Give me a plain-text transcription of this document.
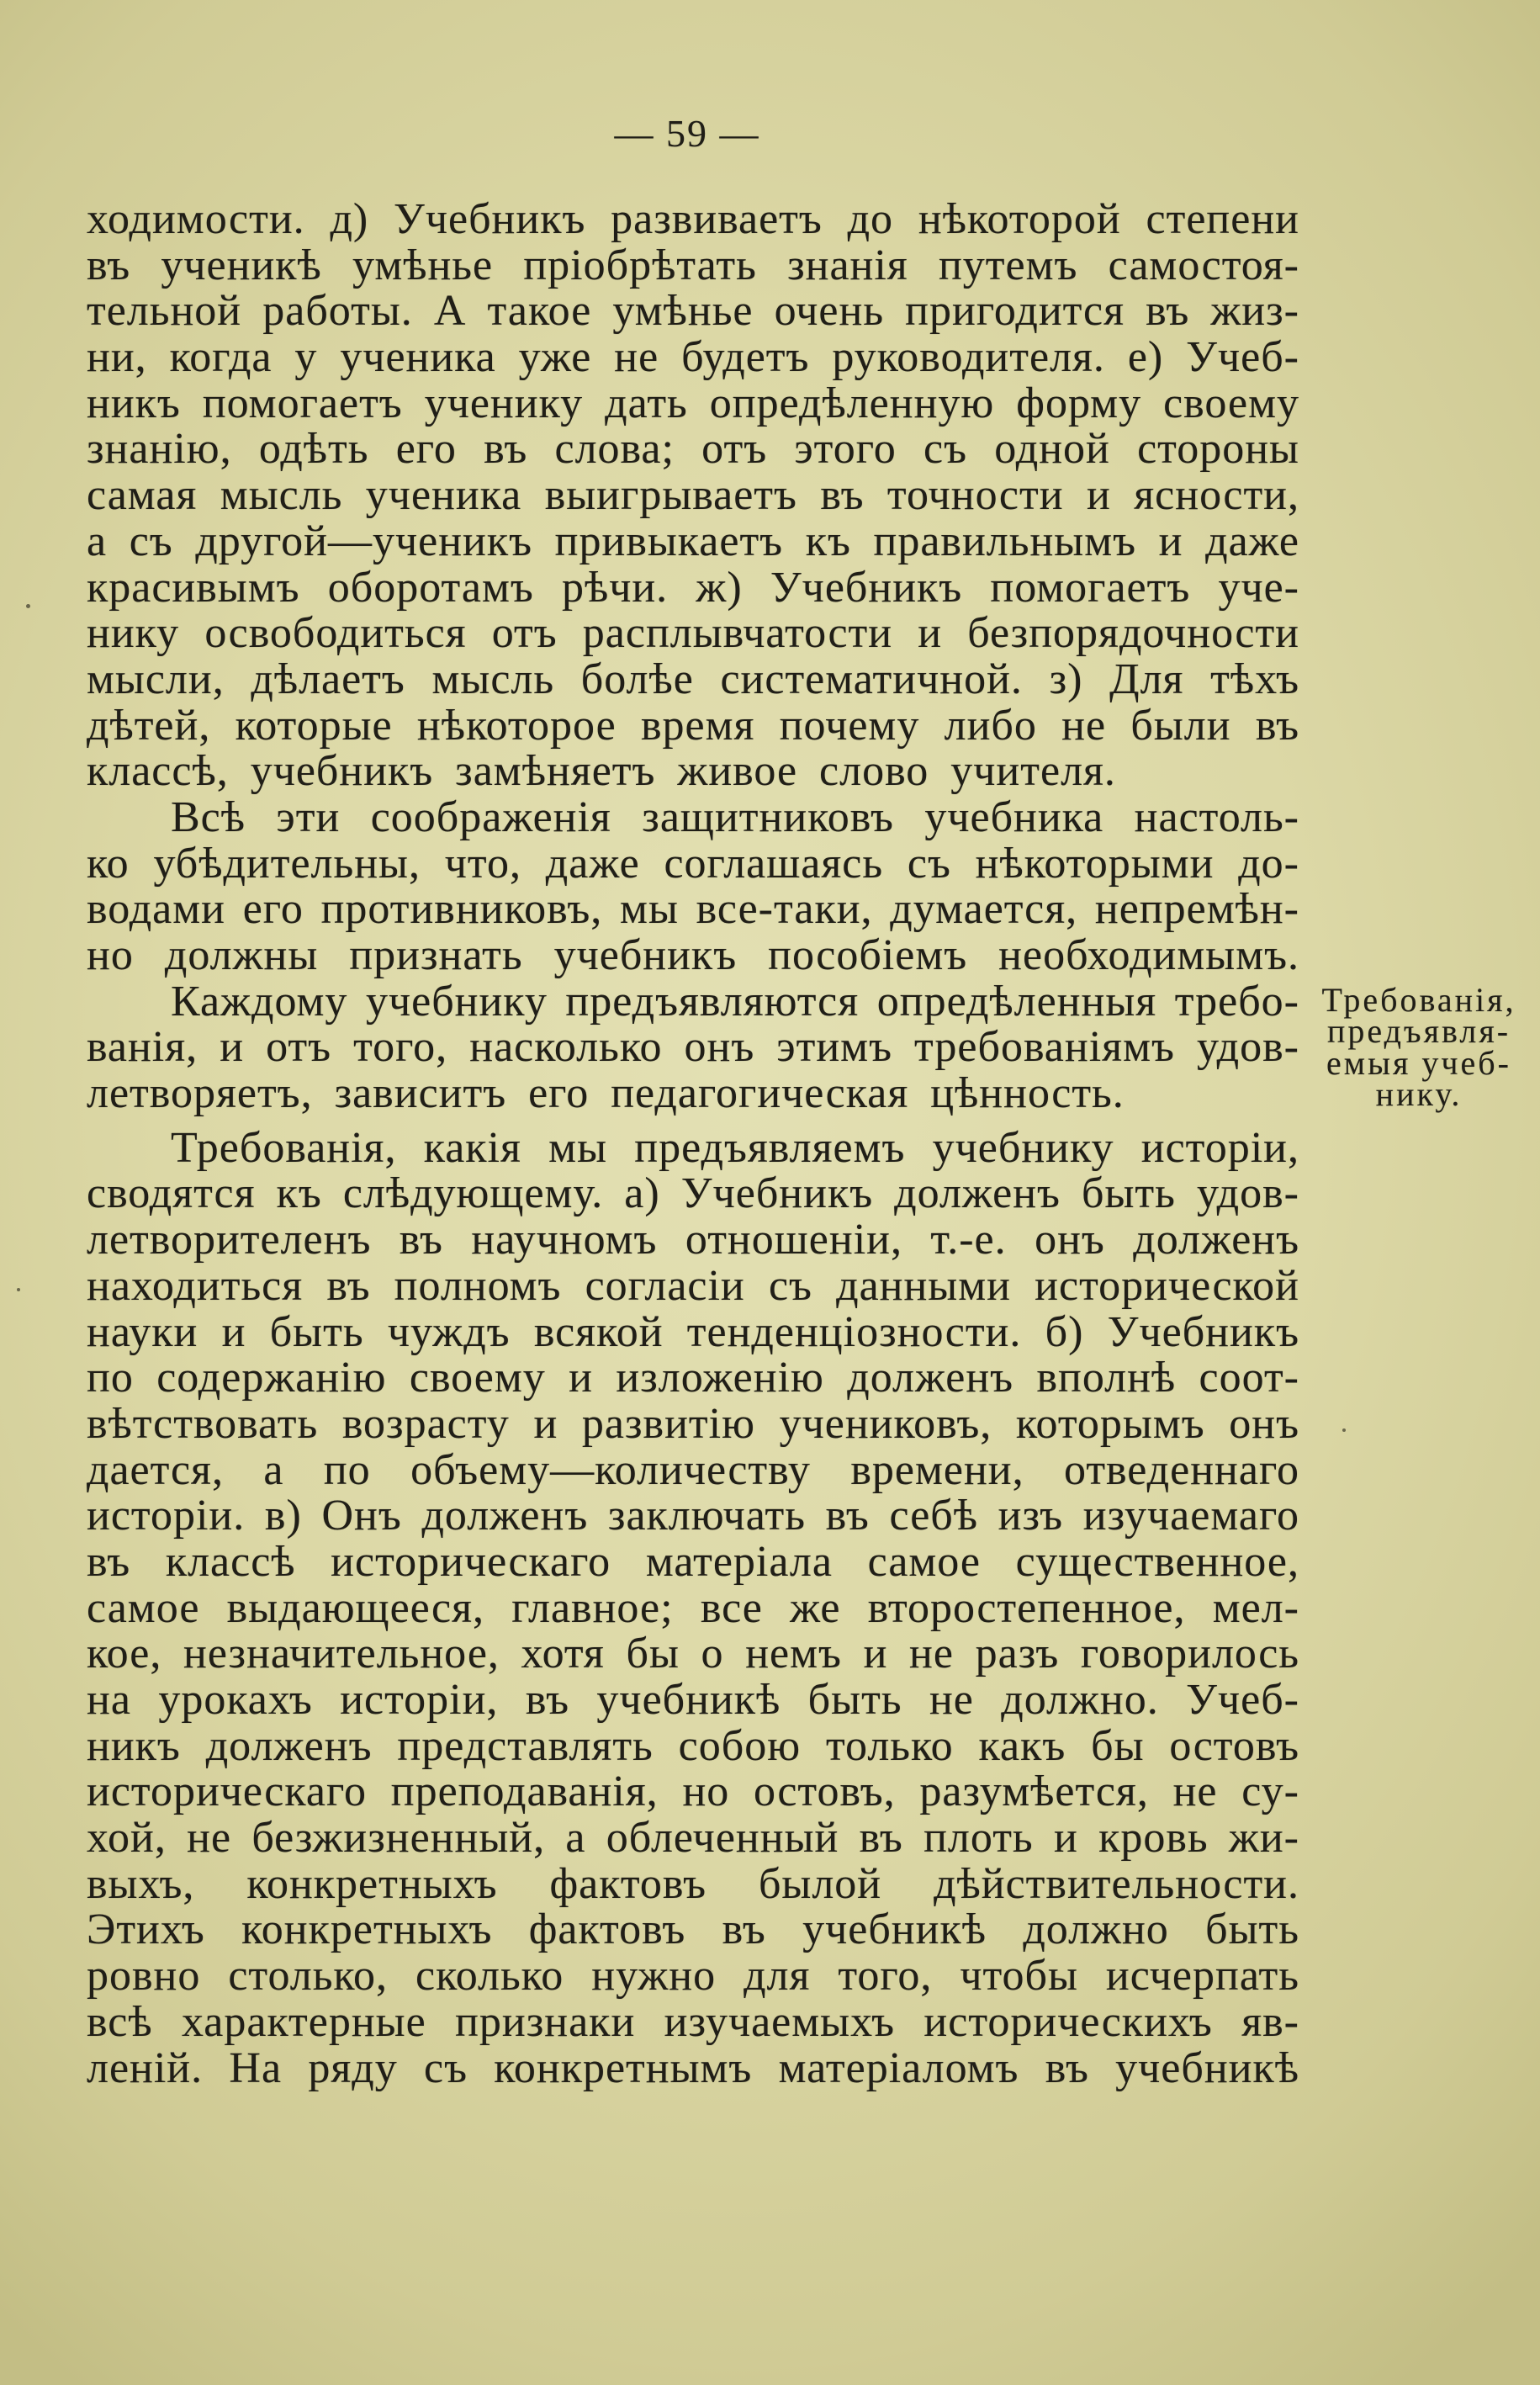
— 59 —
ходимости. д) Учебникъ развиваетъ до нѣкоторой степени
въ ученикѣ умѣнье пріобрѣтать знанія путемъ самостоя-
тельной работы. А такое умѣнье очень пригодится въ жиз-
ни, когда у ученика уже не будетъ руководителя. е) Учеб-
никъ помогаетъ ученику дать опредѣленную форму своему
знанію, одѣть его въ слова; отъ этого съ одной стороны
самая мысль ученика выигрываетъ въ точности и ясности,
а съ другой—ученикъ привыкаетъ къ правильнымъ и даже
красивымъ оборотамъ рѣчи. ж) Учебникъ помогаетъ уче-
нику освободиться отъ расплывчатости и безпорядочности
мысли, дѣлаетъ мысль болѣе систематичной. з) Для тѣхъ
дѣтей, которые нѣкоторое время почему либо не были въ
классѣ, учебникъ замѣняетъ живое слово учителя.
Всѣ эти соображенія защитниковъ учебника настоль-
ко убѣдительны, что, даже соглашаясь съ нѣкоторыми до-
водами его противниковъ, мы все-таки, думается, непремѣн-
но должны признать учебникъ пособіемъ необходимымъ.
Каждому учебнику предъявляются опредѣленныя требо-
ванія, и отъ того, насколько онъ этимъ требованіямъ удов-
летворяетъ, зависитъ его педагогическая цѣнность.
Требованія, какія мы предъявляемъ учебнику исторіи,
сводятся къ слѣдующему. а) Учебникъ долженъ быть удов-
летворителенъ въ научномъ отношеніи, т.-е. онъ долженъ
находиться въ полномъ согласіи съ данными исторической
науки и быть чуждъ всякой тенденціозности. б) Учебникъ
по содержанію своему и изложенію долженъ вполнѣ соот-
вѣтствовать возрасту и развитію учениковъ, которымъ онъ
дается, а по объему—количеству времени, отведеннаго
исторіи. в) Онъ долженъ заключать въ себѣ изъ изучаемаго
въ классѣ историческаго матеріала самое существенное,
самое выдающееся, главное; все же второстепенное, мел-
кое, незначительное, хотя бы о немъ и не разъ говорилось
на урокахъ исторіи, въ учебникѣ быть не должно. Учеб-
никъ долженъ представлять собою только какъ бы остовъ
историческаго преподаванія, но остовъ, разумѣется, не су-
хой, не безжизненный, а облеченный въ плоть и кровь жи-
выхъ, конкретныхъ фактовъ былой дѣйствительности.
Этихъ конкретныхъ фактовъ въ учебникѣ должно быть
ровно столько, сколько нужно для того, чтобы исчерпать
всѣ характерные признаки изучаемыхъ историческихъ яв-
леній. На ряду съ конкретнымъ матеріаломъ въ учебникѣ
Требованія,
предъявля-
емыя учеб-
нику.
